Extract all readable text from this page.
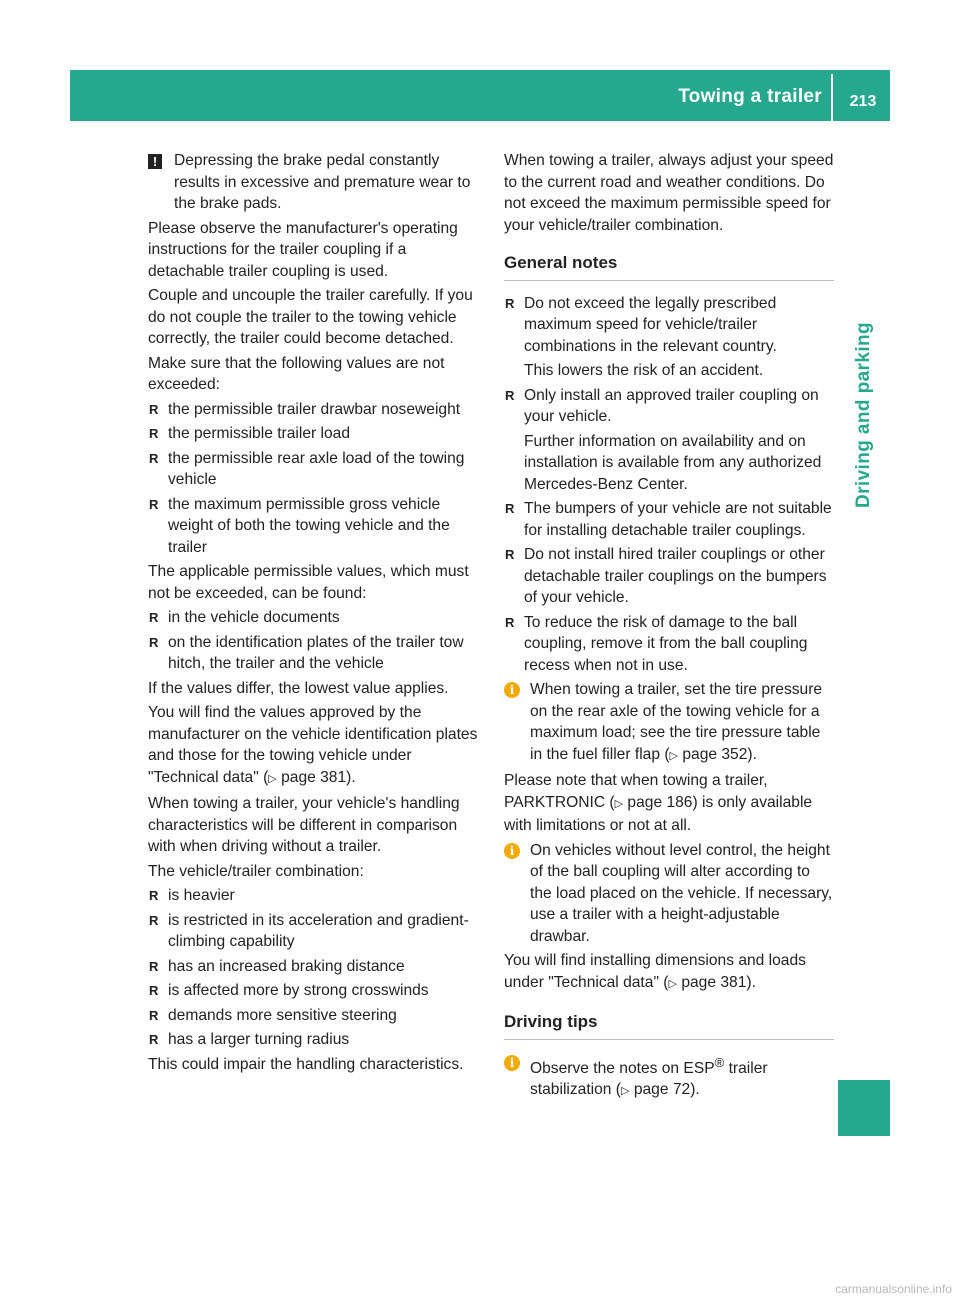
Towing a trailer	213
Driving and parking
!	Depressing the brake pedal constantly results in excessive and premature wear to the brake pads.

Please observe the manufacturer's operating instructions for the trailer coupling if a detachable trailer coupling is used.

Couple and uncouple the trailer carefully. If you do not couple the trailer to the towing vehicle correctly, the trailer could become detached.

Make sure that the following values are not exceeded:

R the permissible trailer drawbar noseweight
R the permissible trailer load
R the permissible rear axle load of the towing vehicle
R the maximum permissible gross vehicle weight of both the towing vehicle and the trailer

The applicable permissible values, which must not be exceeded, can be found:

R in the vehicle documents
R on the identification plates of the trailer tow hitch, the trailer and the vehicle

If the values differ, the lowest value applies.

You will find the values approved by the manufacturer on the vehicle identification plates and those for the towing vehicle under "Technical data" (▷ page 381).

When towing a trailer, your vehicle's handling characteristics will be different in comparison with when driving without a trailer.

The vehicle/trailer combination:

R is heavier
R is restricted in its acceleration and gradient-climbing capability
R has an increased braking distance
R is affected more by strong crosswinds
R demands more sensitive steering
R has a larger turning radius

This could impair the handling characteristics.

When towing a trailer, always adjust your speed to the current road and weather conditions. Do not exceed the maximum permissible speed for your vehicle/trailer combination.

General notes
R Do not exceed the legally prescribed maximum speed for vehicle/trailer combinations in the relevant country.
This lowers the risk of an accident.
R Only install an approved trailer coupling on your vehicle.
Further information on availability and on installation is available from any authorized Mercedes-Benz Center.
R The bumpers of your vehicle are not suitable for installing detachable trailer couplings.
R Do not install hired trailer couplings or other detachable trailer couplings on the bumpers of your vehicle.
R To reduce the risk of damage to the ball coupling, remove it from the ball coupling recess when not in use.
i	When towing a trailer, set the tire pressure on the rear axle of the towing vehicle for a maximum load; see the tire pressure table in the fuel filler flap (▷ page 352).

Please note that when towing a trailer, PARKTRONIC (▷ page 186) is only available with limitations or not at all.

i	On vehicles without level control, the height of the ball coupling will alter according to the load placed on the vehicle. If necessary, use a trailer with a height-adjustable drawbar.

You will find installing dimensions and loads under "Technical data" (▷ page 381).

Driving tips
i	Observe the notes on ESP® trailer stabilization (▷ page 72).
carmanualsonline.info
